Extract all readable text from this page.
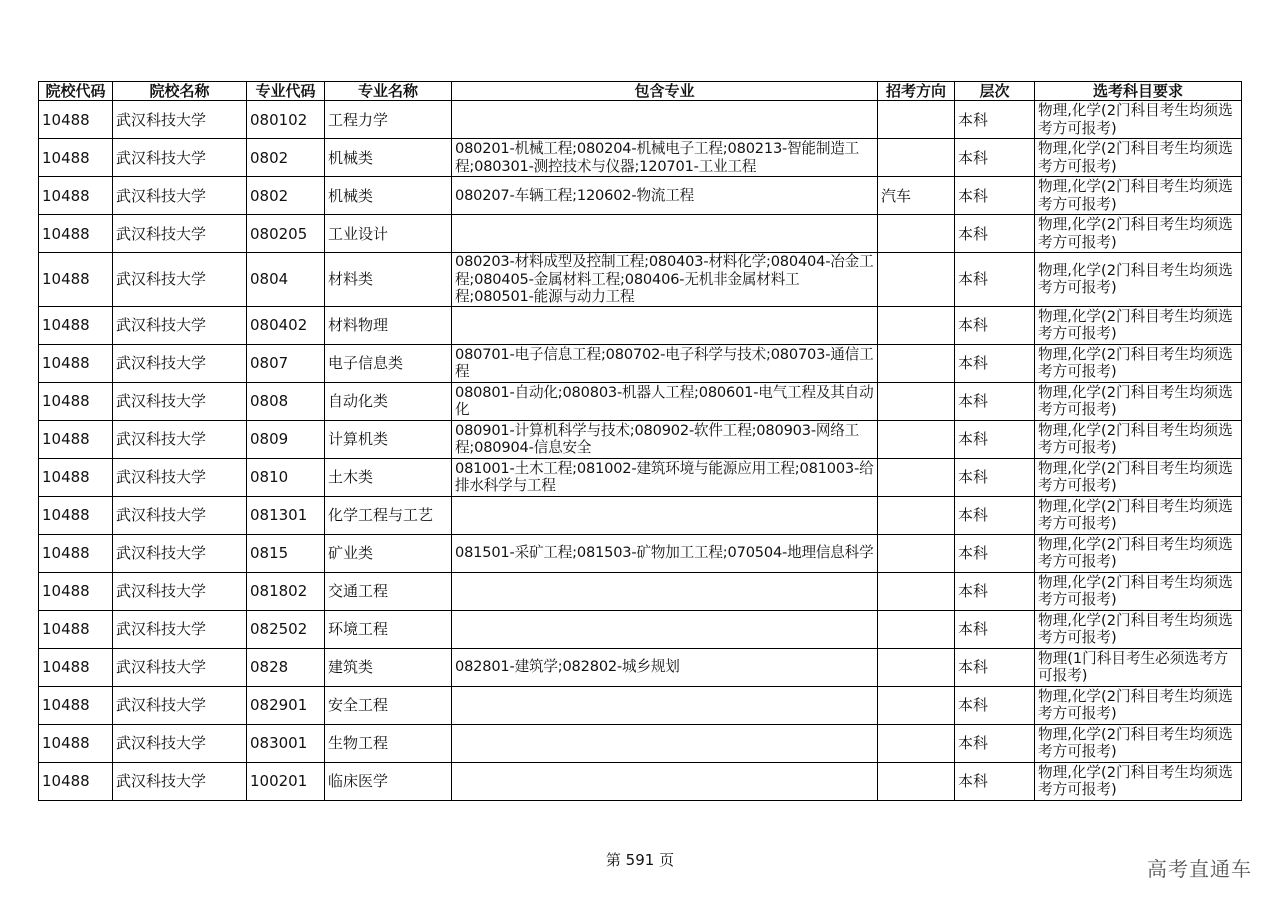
院校代码	院校名称	专业代码	专业名称	包含专业	招考方向	层次	选考科目要求
10488	武汉科技大学	080102	工程力学			本科	物理,化学(2门科目考生均须选考方可报考)
10488	武汉科技大学	0802	机械类	080201-机械工程;080204-机械电子工程;080213-智能制造工程;080301-测控技术与仪器;120701-工业工程		本科	物理,化学(2门科目考生均须选考方可报考)
10488	武汉科技大学	0802	机械类	080207-车辆工程;120602-物流工程	汽车	本科	物理,化学(2门科目考生均须选考方可报考)
10488	武汉科技大学	080205	工业设计			本科	物理,化学(2门科目考生均须选考方可报考)
10488	武汉科技大学	0804	材料类	080203-材料成型及控制工程;080403-材料化学;080404-冶金工程;080405-金属材料工程;080406-无机非金属材料工程;080501-能源与动力工程		本科	物理,化学(2门科目考生均须选考方可报考)
10488	武汉科技大学	080402	材料物理			本科	物理,化学(2门科目考生均须选考方可报考)
10488	武汉科技大学	0807	电子信息类	080701-电子信息工程;080702-电子科学与技术;080703-通信工程		本科	物理,化学(2门科目考生均须选考方可报考)
10488	武汉科技大学	0808	自动化类	080801-自动化;080803-机器人工程;080601-电气工程及其自动化		本科	物理,化学(2门科目考生均须选考方可报考)
10488	武汉科技大学	0809	计算机类	080901-计算机科学与技术;080902-软件工程;080903-网络工程;080904-信息安全		本科	物理,化学(2门科目考生均须选考方可报考)
10488	武汉科技大学	0810	土木类	081001-土木工程;081002-建筑环境与能源应用工程;081003-给排水科学与工程		本科	物理,化学(2门科目考生均须选考方可报考)
10488	武汉科技大学	081301	化学工程与工艺			本科	物理,化学(2门科目考生均须选考方可报考)
10488	武汉科技大学	0815	矿业类	081501-采矿工程;081503-矿物加工工程;070504-地理信息科学		本科	物理,化学(2门科目考生均须选考方可报考)
10488	武汉科技大学	081802	交通工程			本科	物理,化学(2门科目考生均须选考方可报考)
10488	武汉科技大学	082502	环境工程			本科	物理,化学(2门科目考生均须选考方可报考)
10488	武汉科技大学	0828	建筑类	082801-建筑学;082802-城乡规划		本科	物理(1门科目考生必须选考方可报考)
10488	武汉科技大学	082901	安全工程			本科	物理,化学(2门科目考生均须选考方可报考)
10488	武汉科技大学	083001	生物工程			本科	物理,化学(2门科目考生均须选考方可报考)
10488	武汉科技大学	100201	临床医学			本科	物理,化学(2门科目考生均须选考方可报考)
第 591 页	高考直通车
